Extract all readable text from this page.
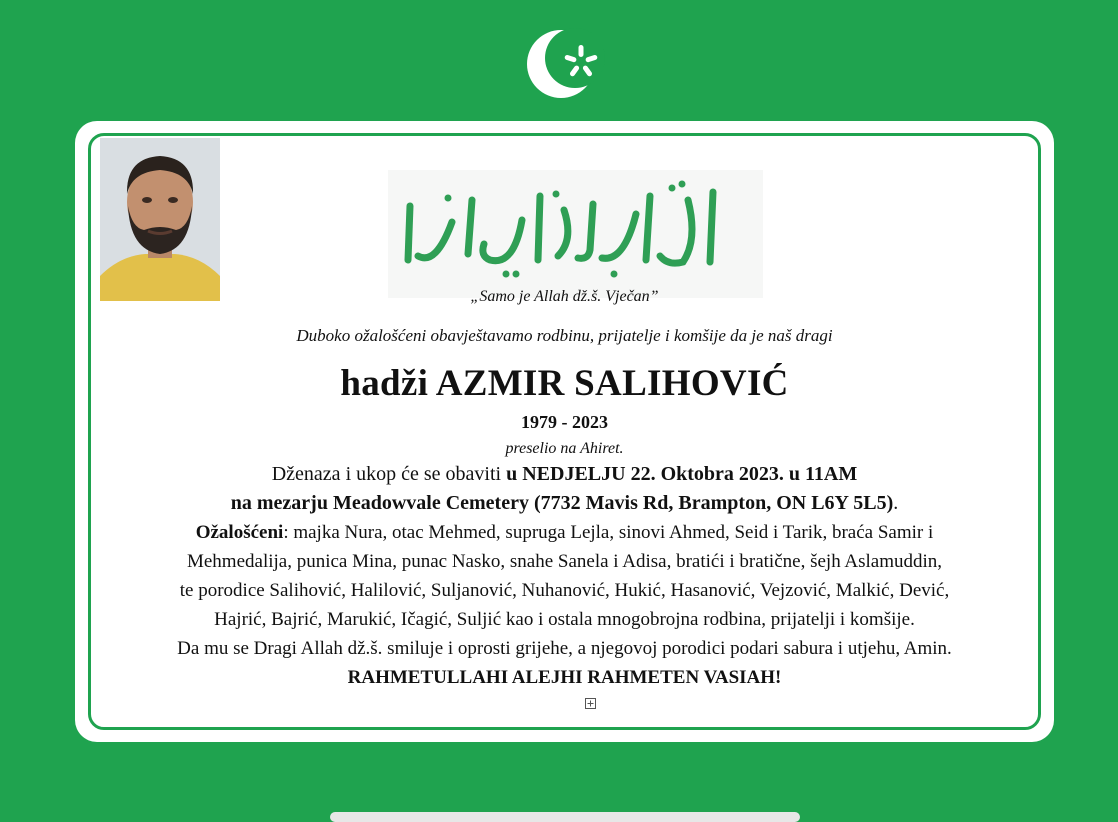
„Samo je Allah dž.š. Vječan”
Duboko ožalošćeni obavještavamo rodbinu, prijatelje i komšije da je naš dragi
hadži AZMIR SALIHOVIĆ
1979 - 2023
preselio na Ahiret.
Dženaza i ukop će se obaviti u NEDJELJU 22. Oktobra 2023. u 11AM
na mezarju Meadowvale Cemetery (7732 Mavis Rd, Brampton, ON L6Y 5L5).
Ožalošćeni: majka Nura, otac Mehmed, supruga Lejla, sinovi Ahmed, Seid i Tarik, braća Samir i
Mehmedalija, punica Mina, punac Nasko, snahe Sanela i Adisa, bratići i bratične, šejh Aslamuddin,
te porodice Salihović, Halilović, Suljanović, Nuhanović, Hukić, Hasanović, Vejzović, Malkić, Dević,
Hajrić, Bajrić, Marukić, Ičagić, Suljić kao i ostala mnogobrojna rodbina, prijatelji i komšije.
Da mu se Dragi Allah dž.š. smiluje i oprosti grijehe, a njegovoj porodici podari sabura i utjehu, Amin.
RAHMETULLAHI ALEJHI RAHMETEN VASIAH!
